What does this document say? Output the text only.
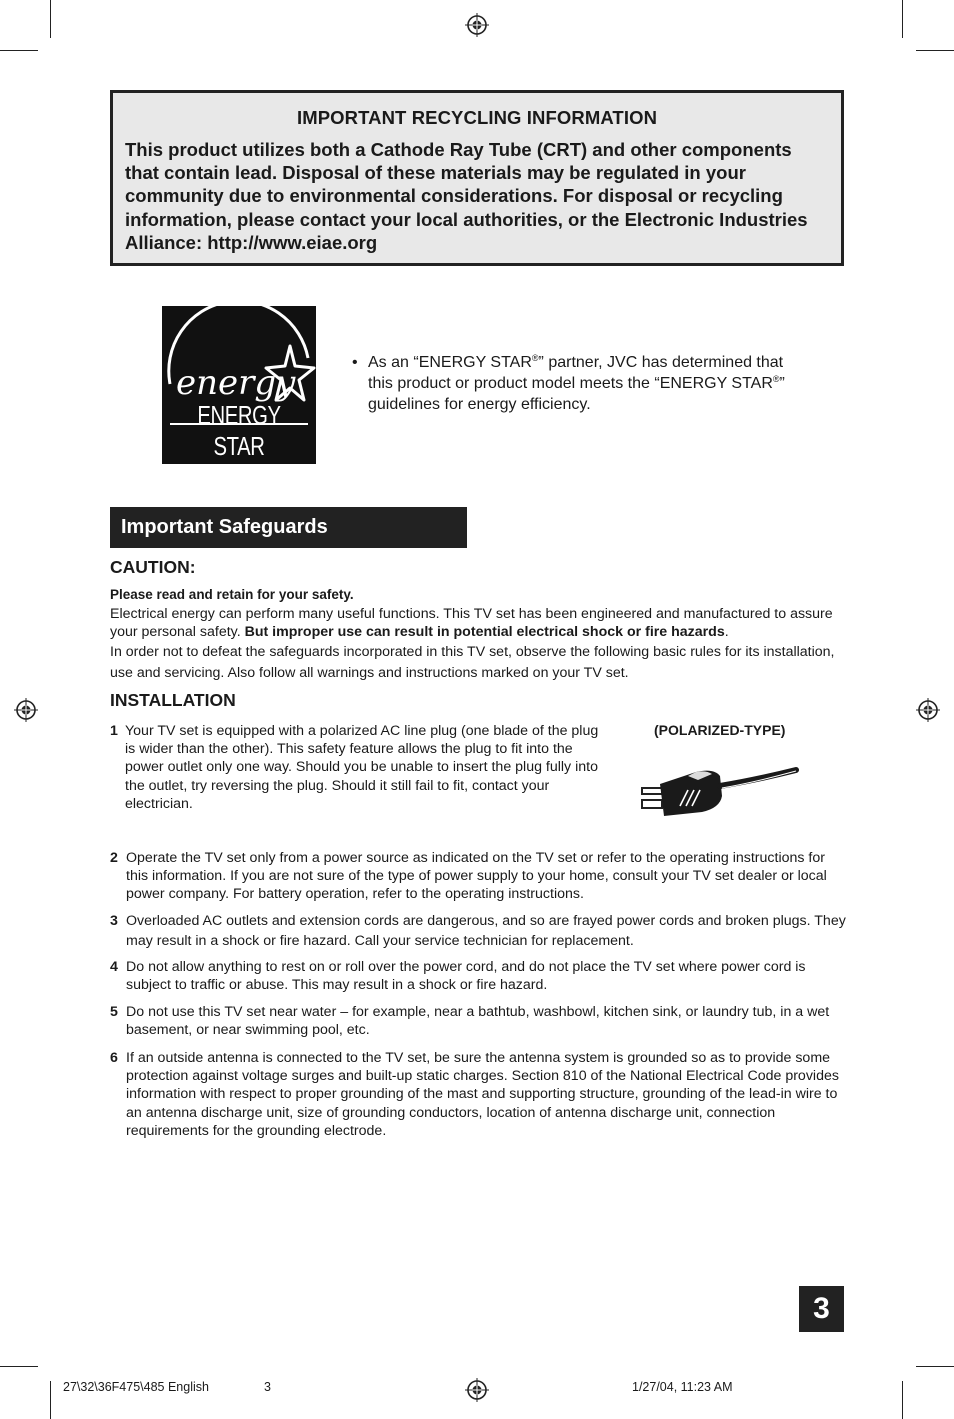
IMPORTANT RECYCLING INFORMATION
This product utilizes both a Cathode Ray Tube (CRT) and other components that contain lead. Disposal of these materials may be regulated in your community due to environmental considerations. For disposal or recycling information, please contact your local authorities, or the Electronic Industries Alliance: http://www.eiae.org
energy
ENERGY STAR
• As an “ENERGY STAR®” partner, JVC has determined that this product or product model meets the “ENERGY STAR®” guidelines for energy efficiency.
Important Safeguards
CAUTION:
Please read and retain for your safety.

Electrical energy can perform many useful functions. This TV set has been engineered and manufactured to assure your personal safety. But improper use can result in potential electrical shock or fire hazards.

In order not to defeat the safeguards incorporated in this TV set, observe the following basic rules for its installation, use and servicing. Also follow all warnings and instructions marked on your TV set.

INSTALLATION
1 Your TV set is equipped with a polarized AC line plug (one blade of the plug is wider than the other). This safety feature allows the plug to fit into the power outlet only one way. Should you be unable to insert the plug fully into the outlet, try reversing the plug. Should it still fail to fit, contact your electrician.
(POLARIZED-TYPE)
2 Operate the TV set only from a power source as indicated on the TV set or refer to the operating instructions for this information. If you are not sure of the type of power supply to your home, consult your TV set dealer or local power company. For battery operation, refer to the operating instructions.
3 Overloaded AC outlets and extension cords are dangerous, and so are frayed power cords and broken plugs. They may result in a shock or fire hazard. Call your service technician for replacement.
4 Do not allow anything to rest on or roll over the power cord, and do not place the TV set where power cord is subject to traffic or abuse. This may result in a shock or fire hazard.
5 Do not use this TV set near water – for example, near a bathtub, washbowl, kitchen sink, or laundry tub, in a wet basement, or near swimming pool, etc.
6 If an outside antenna is connected to the TV set, be sure the antenna system is grounded so as to provide some protection against voltage surges and built-up static charges. Section 810 of the National Electrical Code provides information with respect to proper grounding of the mast and supporting structure, grounding of the lead-in wire to an antenna discharge unit, size of grounding conductors, location of antenna discharge unit, connection requirements for the grounding electrode.
3
27\32\36F475\485 English	3	1/27/04, 11:23 AM
